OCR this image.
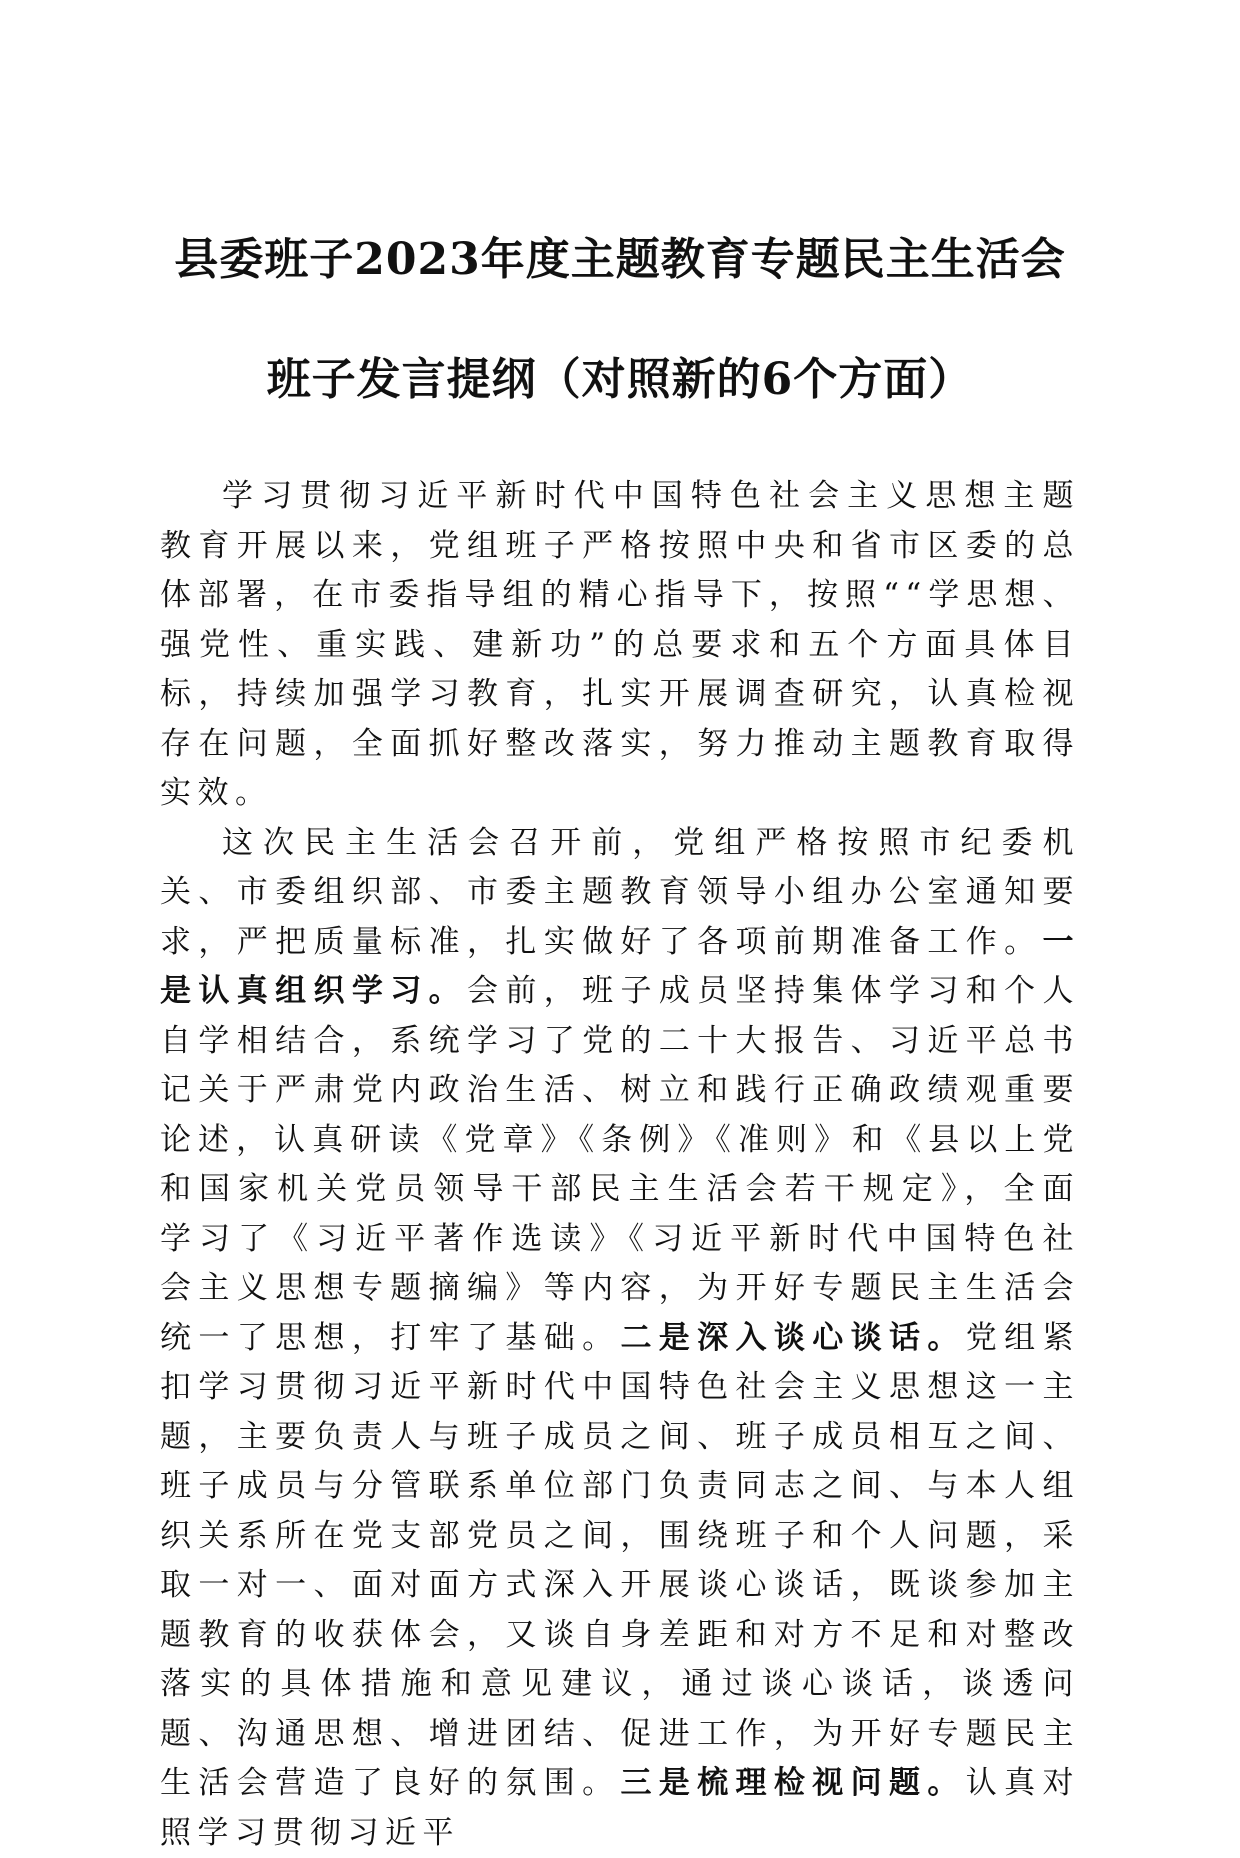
县委班子2023年度主题教育专题民主生活会
班子发言提纲（对照新的6个方面）

学习贯彻习近平新时代中国特色社会主义思想主题教育开展以来，党组班子严格按照中央和省市区委的总体部署，在市委指导组的精心指导下，按照““学思想、强党性、重实践、建新功”的总要求和五个方面具体目标，持续加强学习教育，扎实开展调查研究，认真检视存在问题，全面抓好整改落实，努力推动主题教育取得实效。

这次民主生活会召开前，党组严格按照市纪委机关、市委组织部、市委主题教育领导小组办公室通知要求，严把质量标准，扎实做好了各项前期准备工作。一是认真组织学习。会前，班子成员坚持集体学习和个人自学相结合，系统学习了党的二十大报告、习近平总书记关于严肃党内政治生活、树立和践行正确政绩观重要论述，认真研读《党章》《条例》《准则》和《县以上党和国家机关党员领导干部民主生活会若干规定》，全面学习了《习近平著作选读》《习近平新时代中国特色社会主义思想专题摘编》等内容，为开好专题民主生活会统一了思想，打牢了基础。二是深入谈心谈话。党组紧扣学习贯彻习近平新时代中国特色社会主义思想这一主题，主要负责人与班子成员之间、班子成员相互之间、班子成员与分管联系单位部门负责同志之间、与本人组织关系所在党支部党员之间，围绕班子和个人问题，采取一对一、面对面方式深入开展谈心谈话，既谈参加主题教育的收获体会，又谈自身差距和对方不足和对整改落实的具体措施和意见建议，通过谈心谈话，谈透问题、沟通思想、增进团结、促进工作，为开好专题民主生活会营造了良好的氛围。三是梳理检视问题。认真对照学习贯彻习近平
